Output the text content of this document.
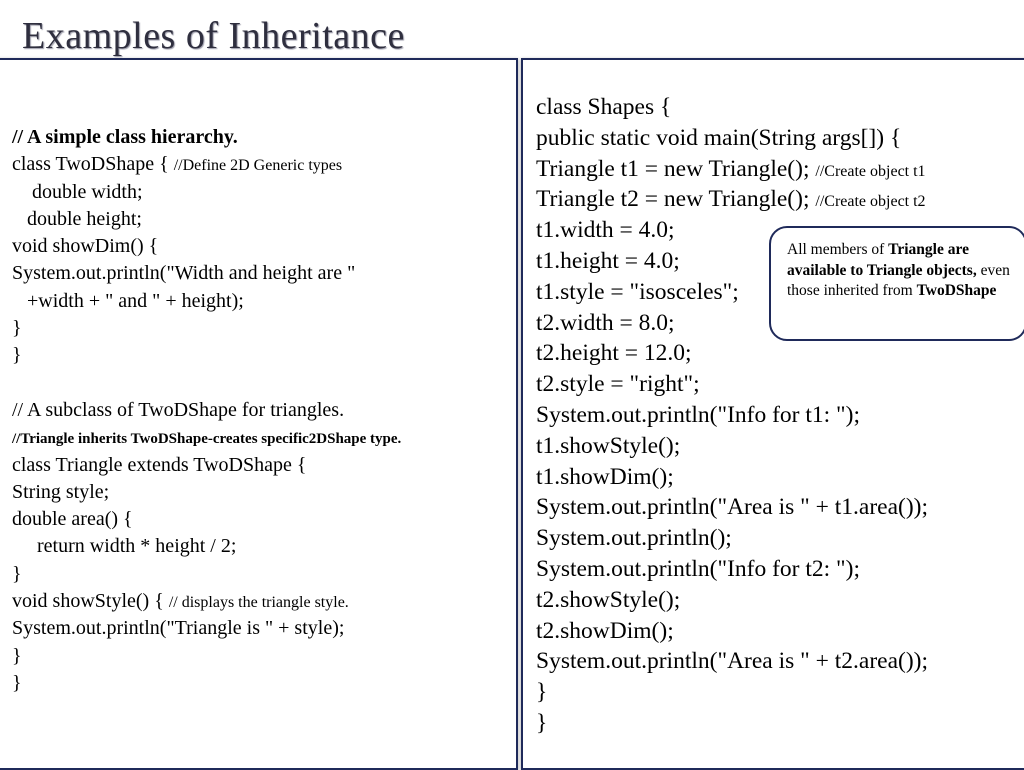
Examples of Inheritance
// A simple class hierarchy.
class TwoDShape { //Define 2D Generic types
double width;
double height;
void showDim() {
System.out.println("Width and height are "
+width + " and " + height);
}
}
// A subclass of TwoDShape for triangles.
//Triangle inherits TwoDShape-creates specific2DShape type.
class Triangle extends TwoDShape {
String style;
double area() {
return width * height / 2;
}
void showStyle() { // displays the triangle style.
System.out.println("Triangle is " + style);
}
}
class Shapes {
public static void main(String args[]) {
Triangle t1 = new Triangle(); //Create object t1
Triangle t2 = new Triangle(); //Create object t2
t1.width = 4.0;
t1.height = 4.0;
t1.style = "isosceles";
t2.width = 8.0;
t2.height = 12.0;
t2.style = "right";
System.out.println("Info for t1: ");
t1.showStyle();
t1.showDim();
System.out.println("Area is " + t1.area());
System.out.println();
System.out.println("Info for t2: ");
t2.showStyle();
t2.showDim();
System.out.println("Area is " + t2.area());
}
}
All members of Triangle are available to Triangle objects, even those inherited from TwoDShape
